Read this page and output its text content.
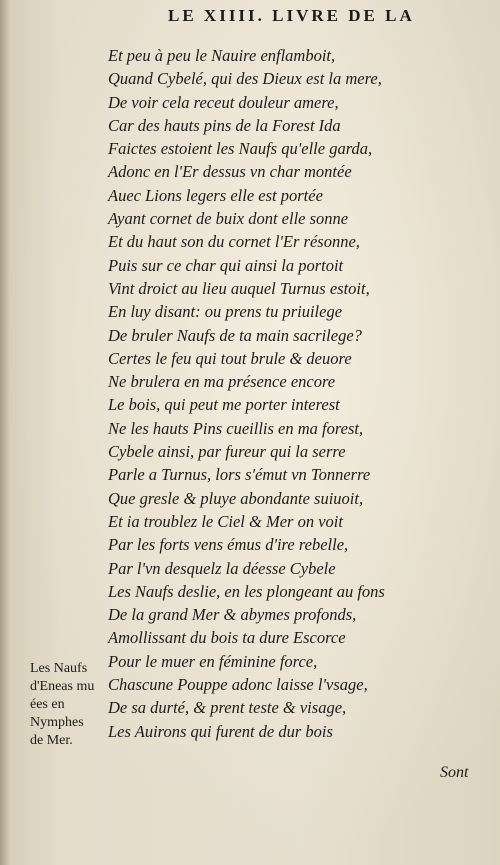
LE XIIII. LIVRE DE LA
Et peu à peu le Nauire enflamboit,
Quand Cybelé, qui des Dieux est la mere,
De voir cela receut douleur amere,
Car des hauts pins de la Forest Ida
Faictes estoient les Naufs qu'elle garda,
Adonc en l'Er dessus vn char montée
Auec Lions legers elle est portée
Ayant cornet de buix dont elle sonne
Et du haut son du cornet l'Er résonne,
Puis sur ce char qui ainsi la portoit
Vint droict au lieu auquel Turnus estoit,
En luy disant: ou prens tu priuilege
De bruler Naufs de ta main sacrilege?
Certes le feu qui tout brule & deuore
Ne brulera en ma présence encore
Le bois, qui peut me porter interest
Ne les hauts Pins cueillis en ma forest,
Cybele ainsi, par fureur qui la serre
Parle a Turnus, lors s'émut vn Tonnerre
Que gresle & pluye abondante suiuoit,
Et ia troublez le Ciel & Mer on voit
Par les forts vens émus d'ire rebelle,
Par l'vn desquelz la déesse Cybele
Les Naufs deslie, en les plongeant au fons
De la grand Mer & abymes profonds,
Amollissant du bois ta dure Escorce
Pour le muer en féminine force,
Chascune Pouppe adonc laisse l'vsage,
De sa durté, & prent teste & visage,
Les Auirons qui furent de dur bois
Les Naufs
d'Eneas mu
ées en
Nymphes
de Mer.
Sont
